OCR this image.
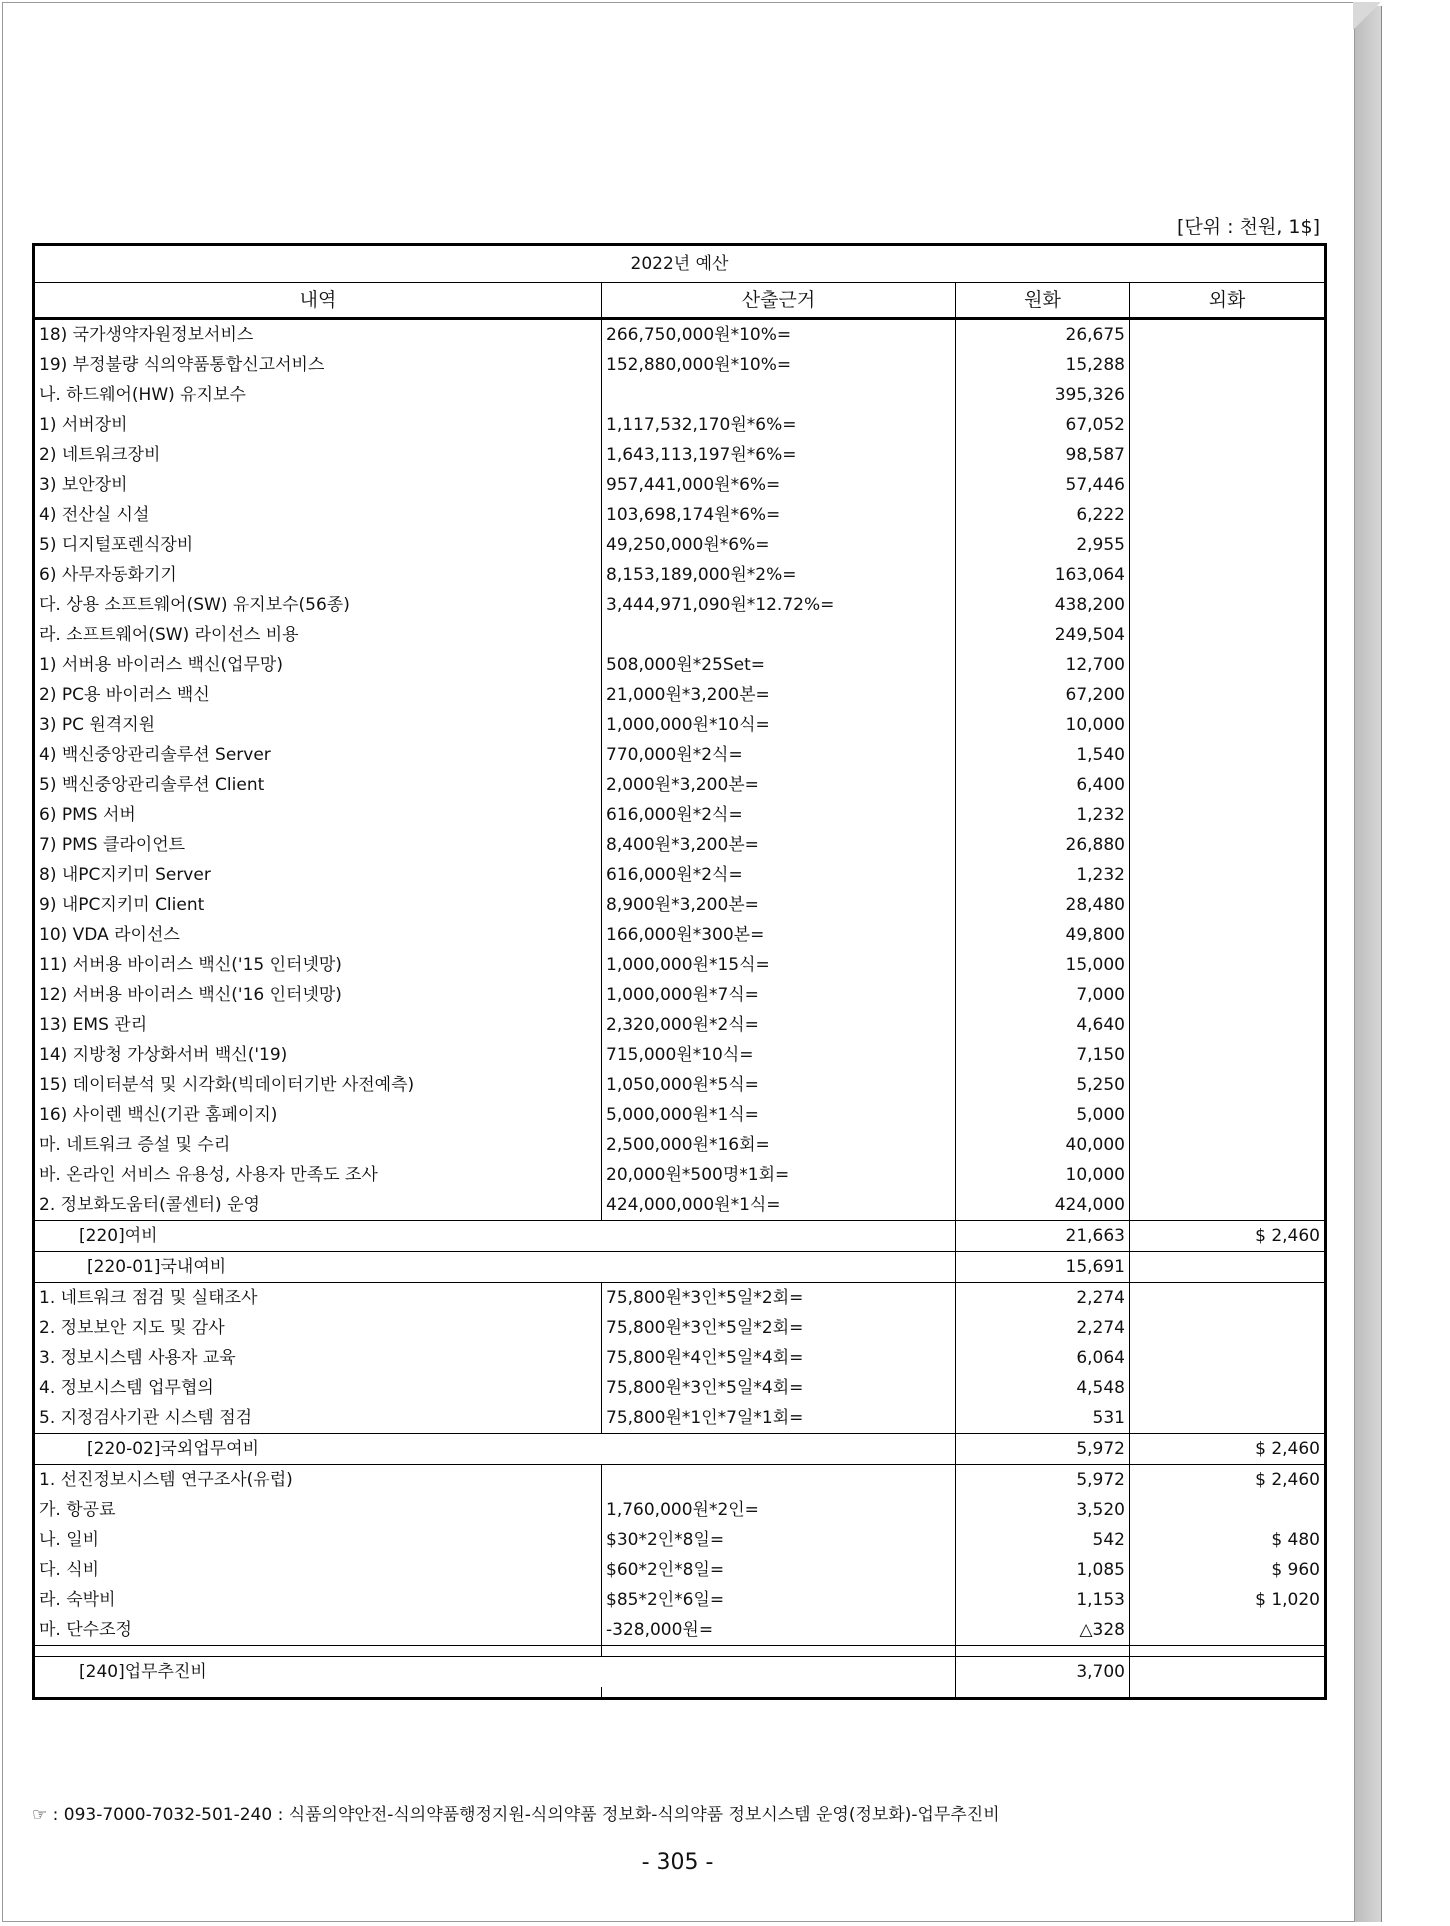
[단위 : 천원, 1$]
2022년 예산			
내역	산출근거	원화	외화
18) 국가생약자원정보서비스	266,750,000원*10%=	26,675	
19) 부정불량 식의약품통합신고서비스	152,880,000원*10%=	15,288	
나. 하드웨어(HW) 유지보수		395,326	
1) 서버장비	1,117,532,170원*6%=	67,052	
2) 네트워크장비	1,643,113,197원*6%=	98,587	
3) 보안장비	957,441,000원*6%=	57,446	
4) 전산실 시설	103,698,174원*6%=	6,222	
5) 디지털포렌식장비	49,250,000원*6%=	2,955	
6) 사무자동화기기	8,153,189,000원*2%=	163,064	
다. 상용 소프트웨어(SW) 유지보수(56종)	3,444,971,090원*12.72%=	438,200	
라. 소프트웨어(SW) 라이선스 비용		249,504	
1) 서버용 바이러스 백신(업무망)	508,000원*25Set=	12,700	
2) PC용 바이러스 백신	21,000원*3,200본=	67,200	
3) PC 원격지원	1,000,000원*10식=	10,000	
4) 백신중앙관리솔루션 Server	770,000원*2식=	1,540	
5) 백신중앙관리솔루션 Client	2,000원*3,200본=	6,400	
6) PMS 서버	616,000원*2식=	1,232	
7) PMS 클라이언트	8,400원*3,200본=	26,880	
8) 내PC지키미 Server	616,000원*2식=	1,232	
9) 내PC지키미 Client	8,900원*3,200본=	28,480	
10) VDA 라이선스	166,000원*300본=	49,800	
11) 서버용 바이러스 백신('15 인터넷망)	1,000,000원*15식=	15,000	
12) 서버용 바이러스 백신('16 인터넷망)	1,000,000원*7식=	7,000	
13) EMS 관리	2,320,000원*2식=	4,640	
14) 지방청 가상화서버 백신('19)	715,000원*10식=	7,150	
15) 데이터분석 및 시각화(빅데이터기반 사전예측)	1,050,000원*5식=	5,250	
16) 사이렌 백신(기관 홈페이지)	5,000,000원*1식=	5,000	
마. 네트워크 증설 및 수리	2,500,000원*16회=	40,000	
바. 온라인 서비스 유용성, 사용자 만족도 조사	20,000원*500명*1회=	10,000	
2. 정보화도움터(콜센터) 운영	424,000,000원*1식=	424,000	
[220]여비		21,663	$ 2,460
[220-01]국내여비		15,691	
1. 네트워크 점검 및 실태조사	75,800원*3인*5일*2회=	2,274	
2. 정보보안 지도 및 감사	75,800원*3인*5일*2회=	2,274	
3. 정보시스템 사용자 교육	75,800원*4인*5일*4회=	6,064	
4. 정보시스템 업무협의	75,800원*3인*5일*4회=	4,548	
5. 지정검사기관 시스템 점검	75,800원*1인*7일*1회=	531	
[220-02]국외업무여비		5,972	$ 2,460
1. 선진정보시스템 연구조사(유럽)		5,972	$ 2,460
가. 항공료	1,760,000원*2인=	3,520	
나. 일비	$30*2인*8일=	542	$ 480
다. 식비	$60*2인*8일=	1,085	$ 960
라. 숙박비	$85*2인*6일=	1,153	$ 1,020
마. 단수조정	-328,000원=	△328	

[240]업무추진비		3,700	

☞ : 093-7000-7032-501-240 : 식품의약안전-식의약품행정지원-식의약품 정보화-식의약품 정보시스템 운영(정보화)-업무추진비
- 305 -
